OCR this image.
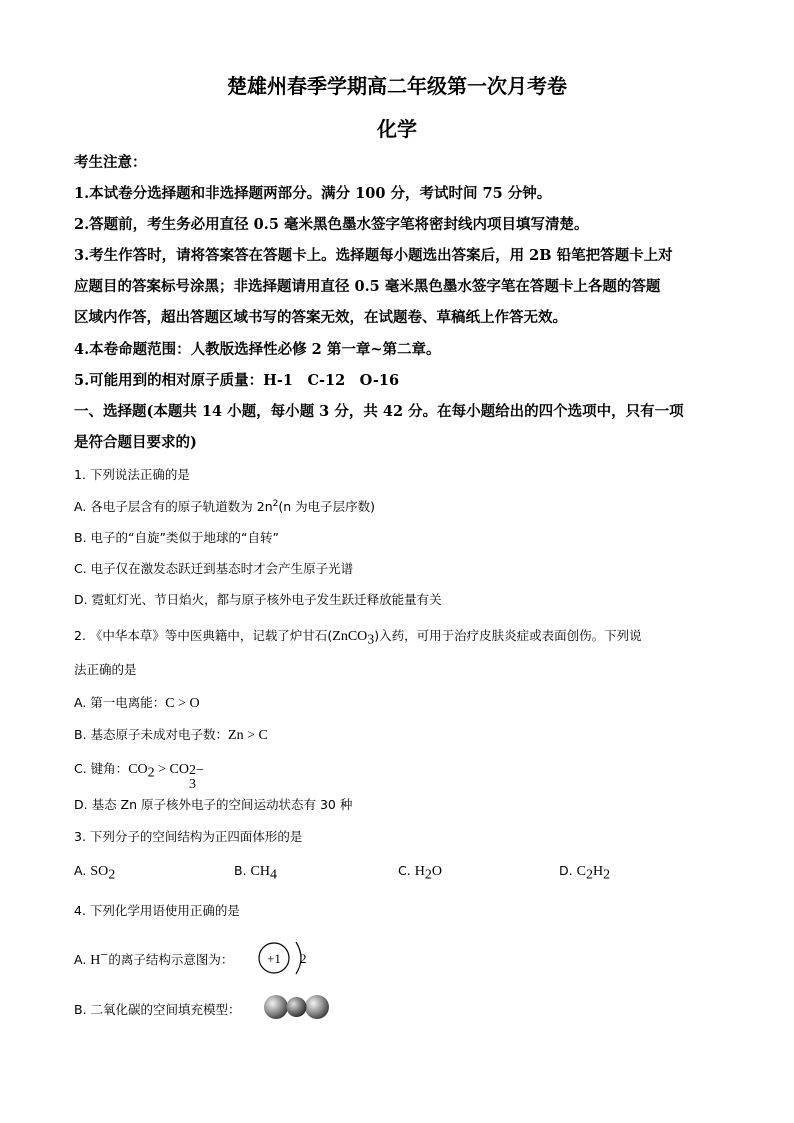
楚雄州春季学期高二年级第一次月考卷
化学
考生注意：
1.本试卷分选择题和非选择题两部分。满分 100 分，考试时间 75 分钟。
2.答题前，考生务必用直径 0.5 毫米黑色墨水签字笔将密封线内项目填写清楚。
3.考生作答时，请将答案答在答题卡上。选择题每小题选出答案后，用 2B 铅笔把答题卡上对
应题目的答案标号涂黑；非选择题请用直径 0.5 毫米黑色墨水签字笔在答题卡上各题的答题
区域内作答，超出答题区域书写的答案无效，在试题卷、草稿纸上作答无效。
4.本卷命题范围：人教版选择性必修 2 第一章~第二章。
5.可能用到的相对原子质量：H-1　C-12　O-16
一、选择题(本题共 14 小题，每小题 3 分，共 42 分。在每小题给出的四个选项中，只有一项
是符合题目要求的)
1. 下列说法正确的是
A. 各电子层含有的原子轨道数为 $2n^2(n$ 为电子层序数)
B. 电子的“自旋”类似于地球的“自转”
C. 电子仅在激发态跃迁到基态时才会产生原子光谱
D. 霓虹灯光、节日焰火，都与原子核外电子发生跃迁释放能量有关
2. 《中华本草》等中医典籍中，记载了炉甘石(ZnCO$_3$)入药，可用于治疗皮肤炎症或表面创伤。下列说
法正确的是
A. 第一电离能：C > O
B. 基态原子未成对电子数：Zn > C
C. 键角：$CO_2$ > CO 2−
3
D. 基态 Zn 原子核外电子的空间运动状态有 30 种
3. 下列分子的空间结构为正四面体形的是
A. $SO_2$	B. $CH_4$	C. $H_2O$	D. $C_2H_2$
4. 下列化学用语使用正确的是
A. H−的离子结构示意图为：	+1 2
B. 二氧化碳的空间填充模型：
